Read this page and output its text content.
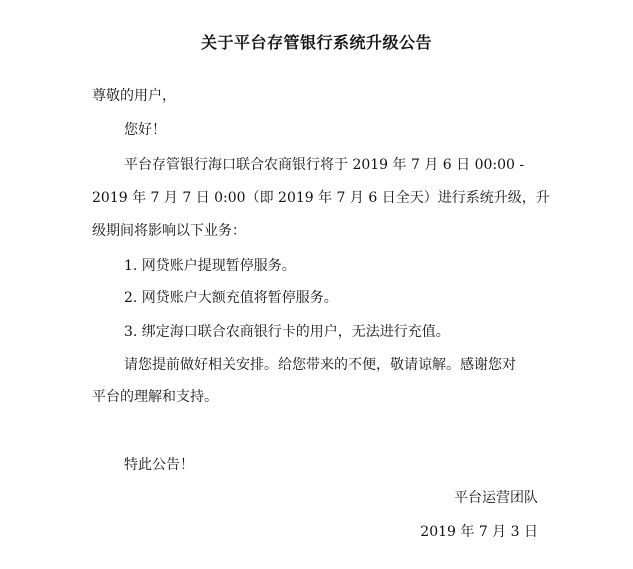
关于平台存管银行系统升级公告
尊敬的用户，
您好！
平台存管银行海口联合农商银行将于 2019 年 7 月 6 日 00:00 -
2019 年 7 月 7 日 0:00（即 2019 年 7 月 6 日全天）进行系统升级，升
级期间将影响以下业务：
1. 网贷账户提现暂停服务。
2. 网贷账户大额充值将暂停服务。
3. 绑定海口联合农商银行卡的用户，无法进行充值。
请您提前做好相关安排。给您带来的不便，敬请谅解。感谢您对
平台的理解和支持。
特此公告！
平台运营团队
2019 年 7 月 3 日
